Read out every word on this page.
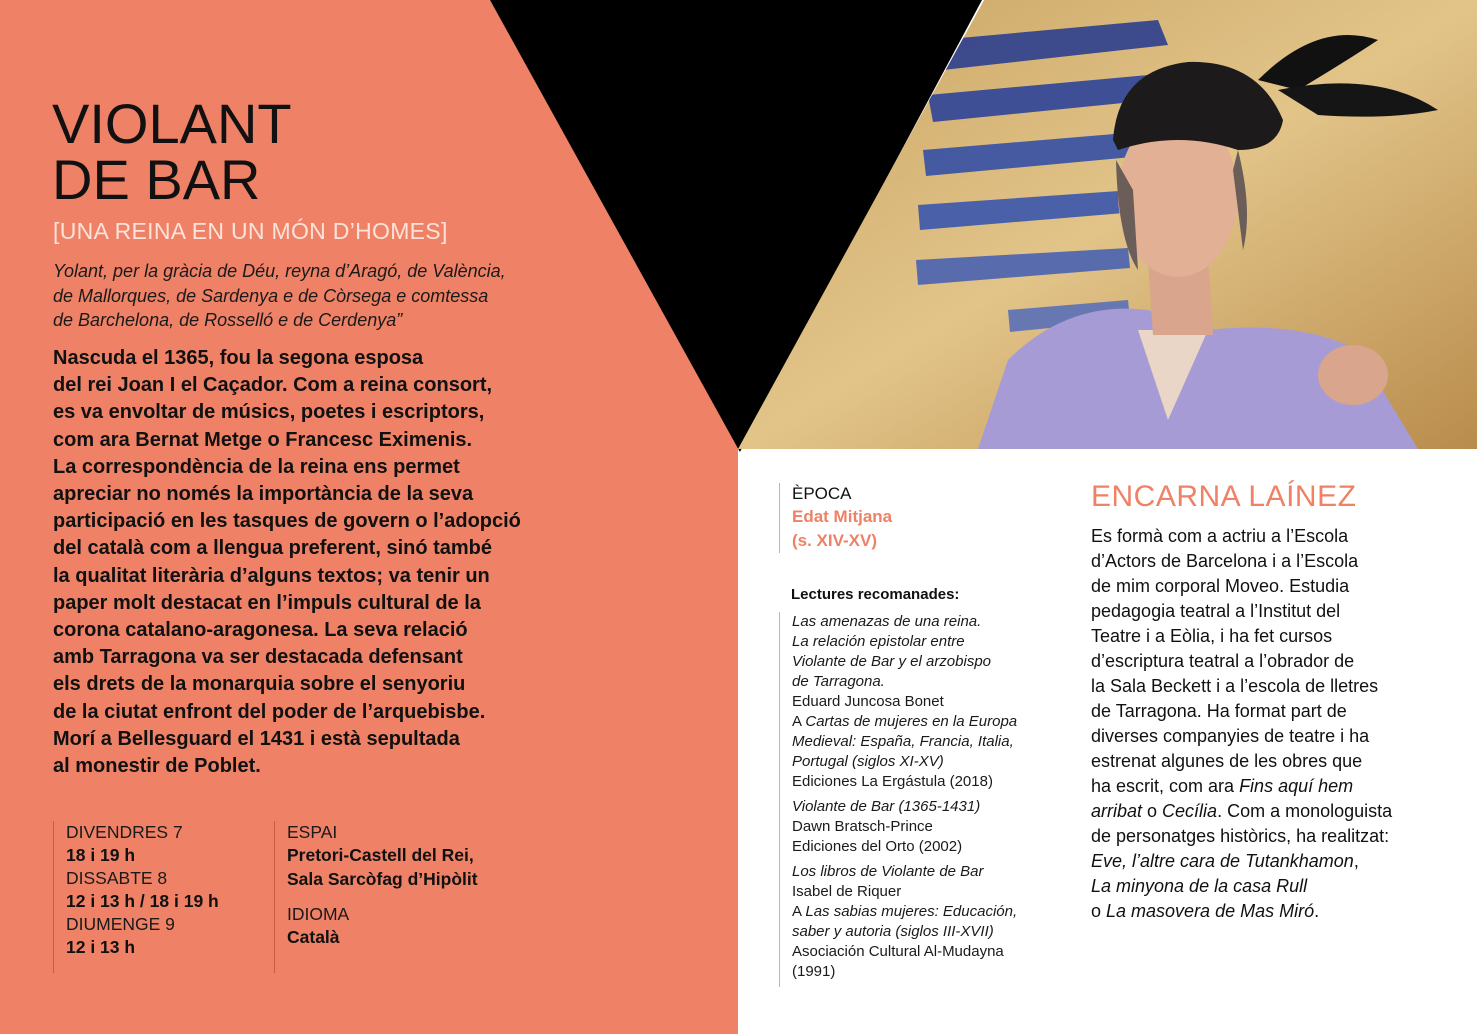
VIOLANT
DE BAR
[UNA REINA EN UN MÓN D’HOMES]
Yolant, per la gràcia de Déu, reyna d’Aragó, de València,
de Mallorques, de Sardenya e de Còrsega e comtessa
de Barchelona, de Rosselló e de Cerdenya”
Nascuda el 1365, fou la segona esposa
del rei Joan I el Caçador. Com a reina consort,
es va envoltar de músics, poetes i escriptors,
com ara Bernat Metge o Francesc Eximenis.
La correspondència de la reina ens permet
apreciar no només la importància de la seva
participació en les tasques de govern o l’adopció
del català com a llengua preferent, sinó també
la qualitat literària d’alguns textos; va tenir un
paper molt destacat en l’impuls cultural de la
corona catalano-aragonesa. La seva relació
amb Tarragona va ser destacada defensant
els drets de la monarquia sobre el senyoriu
de la ciutat enfront del poder de l’arquebisbe.
Morí a Bellesguard el 1431 i està sepultada
al monestir de Poblet.
DIVENDRES 7
18 i 19 h
DISSABTE 8
12 i 13 h / 18 i 19 h
DIUMENGE 9
12 i 13 h
ESPAI
Pretori-Castell del Rei,
Sala Sarcòfag d’Hipòlit
IDIOMA
Català
ÈPOCA
Edat Mitjana
(s. XIV-XV)
Lectures recomanades:
Las amenazas de una reina.
La relación epistolar entre
Violante de Bar y el arzobispo
de Tarragona.
Eduard Juncosa Bonet
A Cartas de mujeres en la Europa
Medieval: España, Francia, Italia,
Portugal (siglos XI-XV)
Ediciones La Ergástula (2018)
Violante de Bar (1365-1431)
Dawn Bratsch-Prince
Ediciones del Orto (2002)
Los libros de Violante de Bar
Isabel de Riquer
A Las sabias mujeres: Educación,
saber y autoria (siglos III-XVII)
Asociación Cultural Al-Mudayna
(1991)
ENCARNA LAÍNEZ
Es formà com a actriu a l’Escola
d’Actors de Barcelona i a l’Escola
de mim corporal Moveo. Estudia
pedagogia teatral a l’Institut del
Teatre i a Eòlia, i ha fet cursos
d’escriptura teatral a l’obrador de
la Sala Beckett i a l’escola de lletres
de Tarragona. Ha format part de
diverses companyies de teatre i ha
estrenat algunes de les obres que
ha escrit, com ara Fins aquí hem
arribat o Cecília. Com a monologuista
de personatges històrics, ha realitzat:
Eve, l’altre cara de Tutankhamon,
La minyona de la casa Rull
o La masovera de Mas Miró.
